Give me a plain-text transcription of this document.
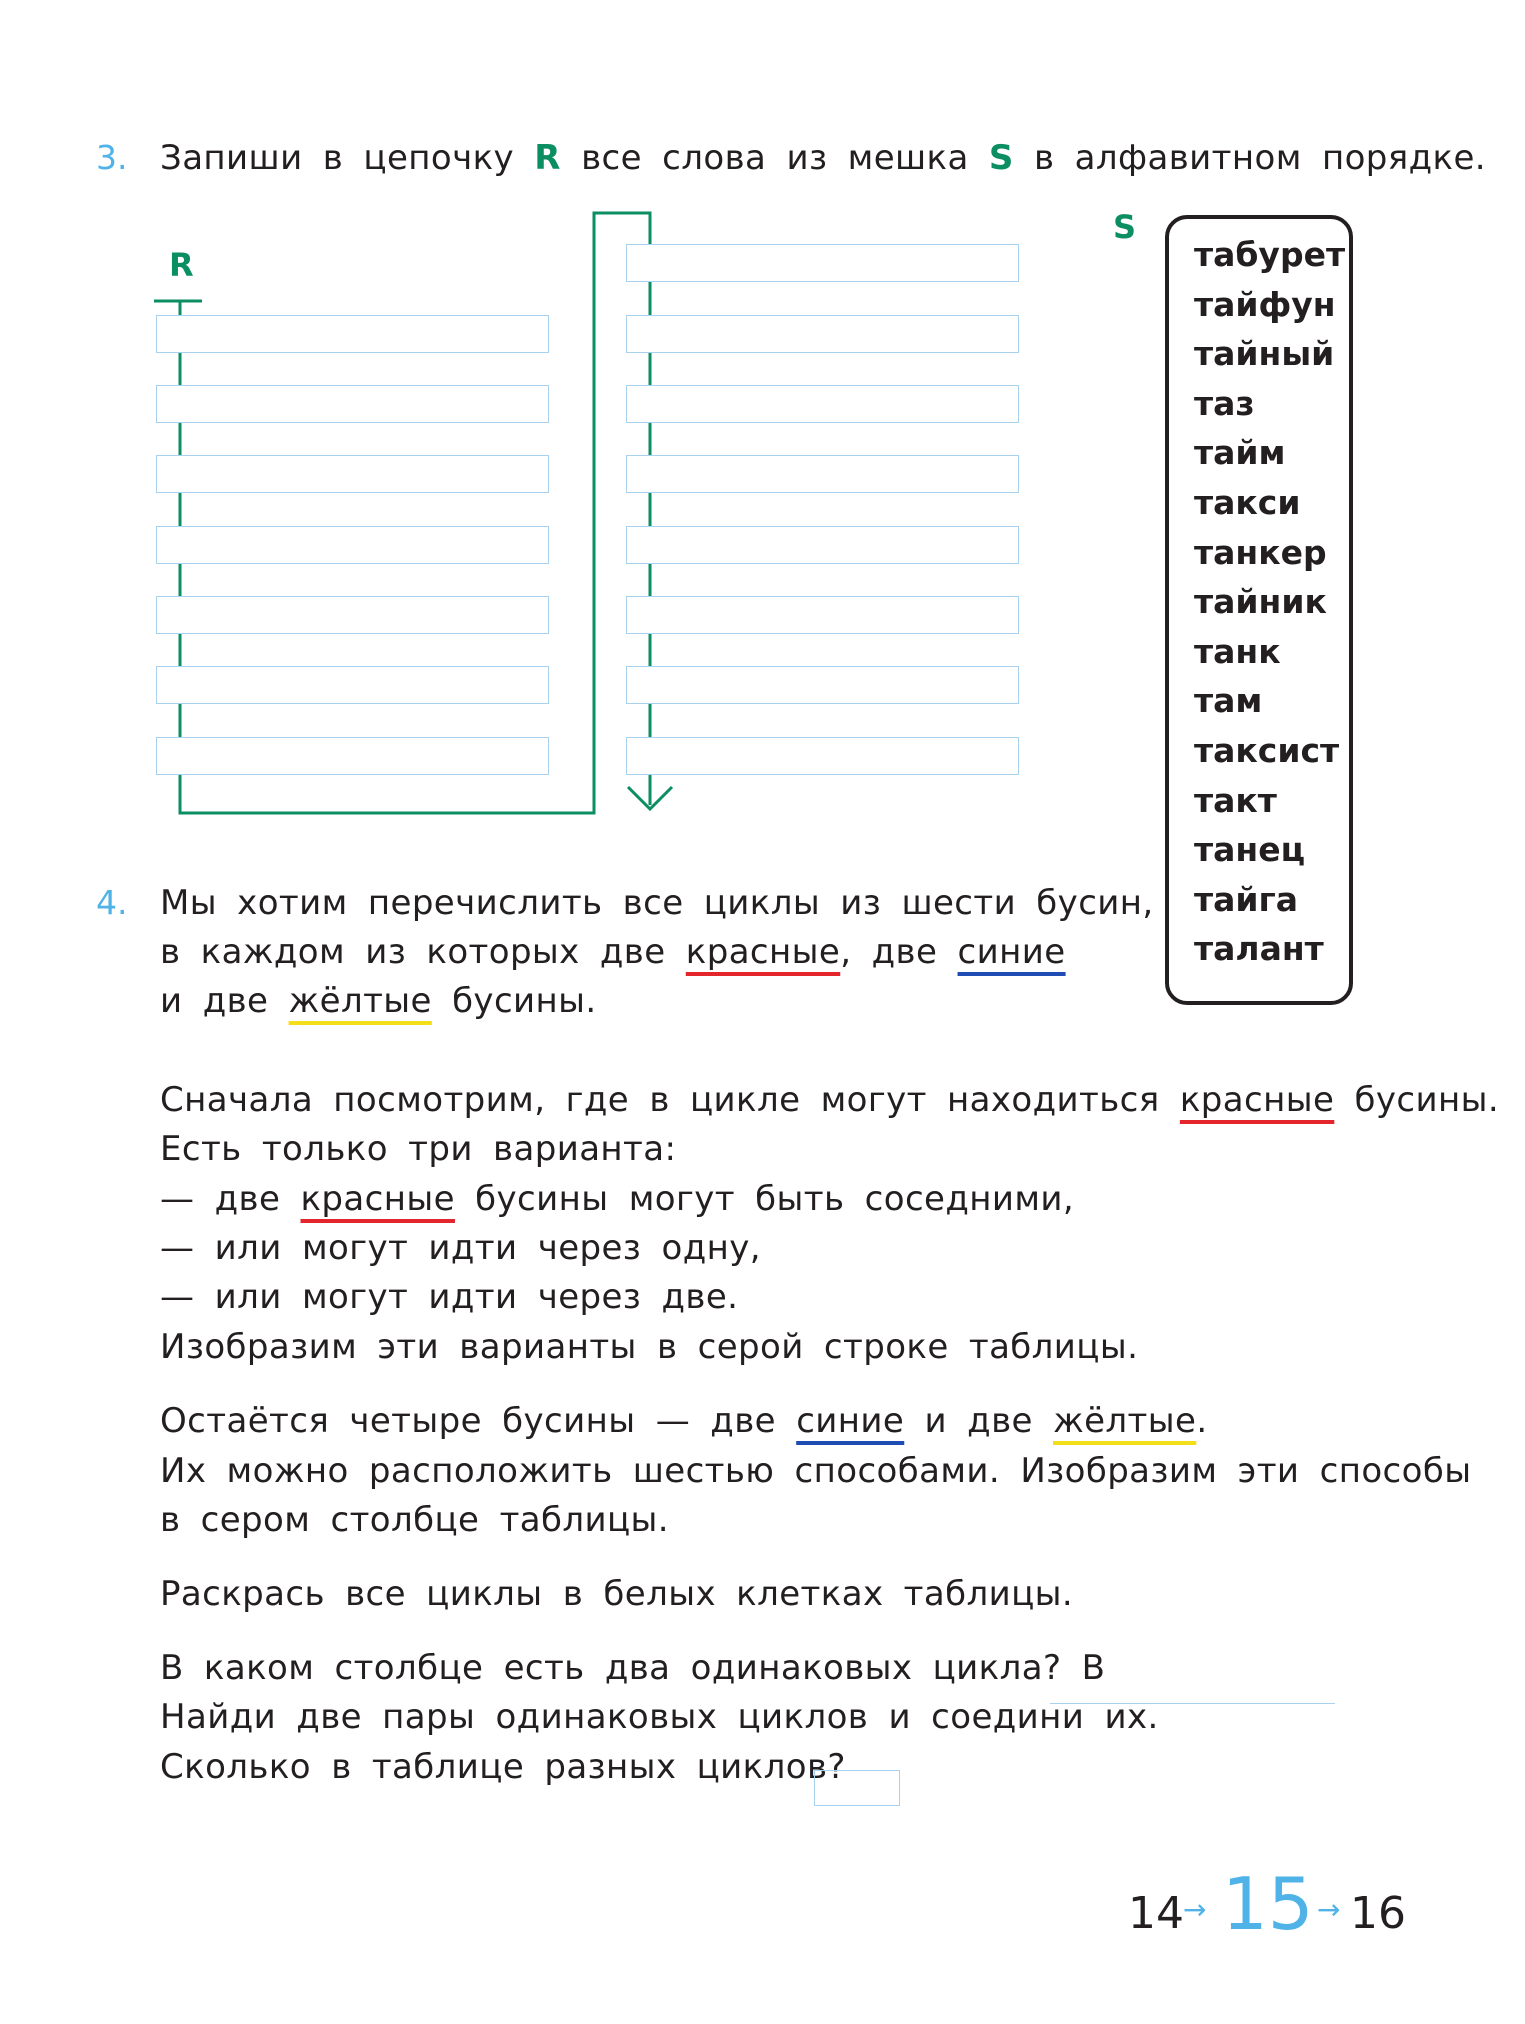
3. Запиши в цепочку R все слова из мешка S в алфавитном порядке.
R
S
табурет
тайфун
тайный
таз
тайм
такси
танкер
тайник
танк
там
таксист
такт
танец
тайга
талант
4. Мы хотим перечислить все циклы из шести бусин,
в каждом из которых две красные, две синие
и две жёлтые бусины.
Сначала посмотрим, где в цикле могут находиться красные бусины.
Есть только три варианта:
— две красные бусины могут быть соседними,
— или могут идти через одну,
— или могут идти через две.
Изобразим эти варианты в серой строке таблицы.
Остаётся четыре бусины — две синие и две жёлтые.
Их можно расположить шестью способами. Изобразим эти способы
в сером столбце таблицы.
Раскрась все циклы в белых клетках таблицы.
В каком столбце есть два одинаковых цикла? В
Найди две пары одинаковых циклов и соедини их.
Сколько в таблице разных циклов?
14 → 15 → 16
